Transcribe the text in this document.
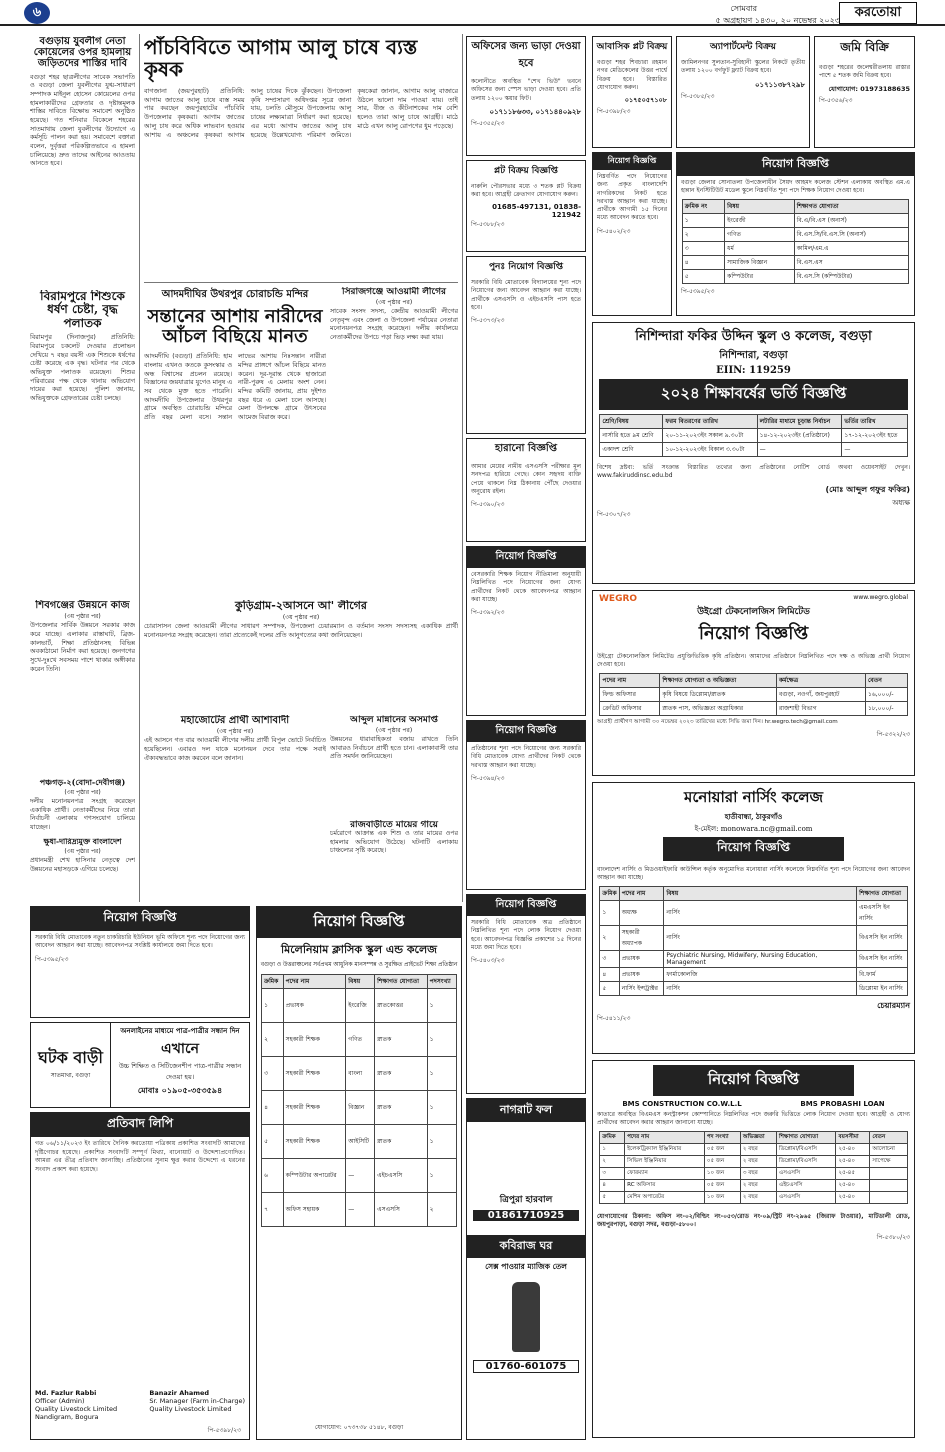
৬	সোমবার
৫ অগ্রহায়ণ ১৪৩০, ২০ নভেম্বর ২০২৩
করতোয়া
বগুড়ায় যুবলীগ নেতা কোয়েলের ওপর হামলায় জড়িতদের শাস্তির দাবি
বগুড়া শহর ছাত্রলীগের সাবেক সভাপতি ও বগুড়া জেলা যুবলীগের যুগ্ম-সাধারণ সম্পাদক মাইনুল হোসেন কোয়েলের ওপর হামলাকারীদের গ্রেফতার ও দৃষ্টান্তমূলক শাস্তির দাবিতে বিক্ষোভ সমাবেশ অনুষ্ঠিত হয়েছে। গত শনিবার বিকেলে শহরের সাতমাথায় জেলা যুবলীগের উদ্যোগে এ কর্মসূচি পালন করা হয়। সমাবেশে বক্তারা বলেন, দুর্বৃত্তরা পরিকল্পিতভাবে এ হামলা চালিয়েছে। দ্রুত তাদের আইনের আওতায় আনতে হবে।
বিরামপুরে শিশুকে ধর্ষণ চেষ্টা, বৃদ্ধ পলাতক
বিরামপুর (দিনাজপুর) প্রতিনিধি: বিরামপুরে চকলেট দেওয়ার প্রলোভন দেখিয়ে ৭ বছর বয়সী এক শিশুকে ধর্ষণের চেষ্টা করেছে এক বৃদ্ধ। ঘটনার পর থেকে অভিযুক্ত পলাতক রয়েছেন। শিশুর পরিবারের পক্ষ থেকে থানায় অভিযোগ দায়ের করা হয়েছে। পুলিশ জানায়, অভিযুক্তকে গ্রেফতারের চেষ্টা চলছে।
শিবগঞ্জের উন্নয়নে কাজ
(৩য় পৃষ্ঠার পর)
উপজেলার সার্বিক উন্নয়নে সরকার কাজ করে যাচ্ছে। এলাকার রাস্তাঘাট, ব্রিজ-কালভার্ট, শিক্ষা প্রতিষ্ঠানসহ বিভিন্ন অবকাঠামো নির্মাণ করা হয়েছে। জনগণের সুখে-দুঃখে সবসময় পাশে থাকার অঙ্গীকার করেন তিনি।
পঞ্চগড়-২(বোদা-দেবীগঞ্জ)
(৩য় পৃষ্ঠার পর)
দলীয় মনোনয়নপত্র সংগ্রহ করেছেন একাধিক প্রার্থী। নেতাকর্মীদের নিয়ে তারা নির্বাচনী এলাকায় গণসংযোগ চালিয়ে যাচ্ছেন।
ক্ষুধা-দারিদ্র্যমুক্ত বাংলাদেশ
(৩য় পৃষ্ঠার পর)
প্রধানমন্ত্রী শেখ হাসিনার নেতৃত্বে দেশ উন্নয়নের মহাসড়কে এগিয়ে চলেছে।
পাঁচবিবিতে আগাম আলু চাষে ব্যস্ত কৃষক
বাগজানা (জয়পুরহাট) প্রতিনিধি: আগাম জাতের আলু চাষে ব্যস্ত সময় পার করছেন জয়পুরহাটের পাঁচবিবি উপজেলার কৃষকরা। আগাম জাতের আলু চাষ করে অধিক লাভবান হওয়ার আশায় এ অঞ্চলের কৃষকরা আগাম আলু চাষের দিকে ঝুঁকছেন। উপজেলা কৃষি সম্প্রসারণ অধিদপ্তর সূত্রে জানা যায়, চলতি মৌসুমে উপজেলায় আলু চাষের লক্ষ্যমাত্রা নির্ধারণ করা হয়েছে। এর মধ্যে আগাম জাতের আলু চাষ হয়েছে উল্লেখযোগ্য পরিমাণ জমিতে। কৃষকেরা জানান, আগাম আলু বাজারে উঠলে ভালো দাম পাওয়া যায়। তাই সার, বীজ ও কীটনাশকের দাম বেশি হলেও তারা আলু চাষে আগ্রহী। মাঠে মাঠে এখন আলু রোপণের ধুম পড়েছে।
আদমদীঘির উথরপুর চোরাচন্ডি মন্দির
সন্তানের আশায় নারীদের আঁচল বিছিয়ে মানত
আদমদীঘি (বগুড়া) প্রতিনিধি: হাম বাংলায় এখনও কতকে কুসংস্কার ও অন্ধ বিশ্বাসের প্রচলন রয়েছে। বিজ্ঞানের জয়যাত্রার যুগেও মানুষ এ সব থেকে মুক্ত হতে পারেনি। আদমদীঘি উপজেলার উথরপুর গ্রামে অবস্থিত চোরাচন্ডি মন্দিরে প্রতি বছর মেলা বসে। সন্তান লাভের আশায় নিঃসন্তান নারীরা মন্দির প্রাঙ্গণে আঁচল বিছিয়ে মানত করেন। দূর-দূরান্ত থেকে হাজারো নারী-পুরুষ এ মেলায় অংশ নেন। মন্দির কমিটি জানায়, প্রায় দুইশত বছর ধরে এ মেলা চলে আসছে। মেলা উপলক্ষে গ্রামে উৎসবের আমেজ বিরাজ করে।
সিরাজগঞ্জে আওয়ামী লীগের
(৩য় পৃষ্ঠার পর)
সাবেক সংসদ সদস্য, কেন্দ্রীয় আওয়ামী লীগের নেতৃবৃন্দ এবং জেলা ও উপজেলা পর্যায়ের নেতারা মনোনয়নপত্র সংগ্রহ করেছেন। দলীয় কার্যালয়ে নেতাকর্মীদের উপচে পড়া ভিড় লক্ষ্য করা যায়।
কুড়িগ্রাম-২আসনে আ' লীগের
(৩য় পৃষ্ঠার পর)
চোরাসাসন জেলা আওয়ামী লীগের সাধারণ সম্পাদক, উপজেলা চেয়ারম্যান ও বর্তমান সংসদ সদস্যসহ একাধিক প্রার্থী মনোনয়নপত্র সংগ্রহ করেছেন। তারা প্রত্যেকেই দলের প্রতি আনুগত্যের কথা জানিয়েছেন।
আব্দুল মান্নানের অসমাপ্ত
(৩য় পৃষ্ঠার পর)
উন্নয়নের ধারাবাহিকতা বজায় রাখতে তিনি আবারও নির্বাচনে প্রার্থী হতে চান। এলাকাবাসী তার প্রতি সমর্থন জানিয়েছেন।
মহাজোটের প্রার্থী আশাবাদী
(৩য় পৃষ্ঠার পর)
এই আসনে গত বার আওয়ামী লীগের দলীয় প্রার্থী বিপুল ভোটে নির্বাচিত হয়েছিলেন। এবারও দল যাকে মনোনয়ন দেবে তার পক্ষে সবাই ঐক্যবদ্ধভাবে কাজ করবেন বলে জানান।
রাজবাড়ীতে মায়ের গায়ে
চর্মরোগে আক্রান্ত এক শিশু ও তার মায়ের ওপর হামলার অভিযোগ উঠেছে। ঘটনাটি এলাকায় চাঞ্চল্যের সৃষ্টি করেছে।
অফিসের জন্য ভাড়া দেওয়া হবে
কলোনীতে অবস্থিত "শেখ ভিউ" ভবনে অফিসের জন্য স্পেস ভাড়া দেওয়া হবে। প্রতি তলায় ১২০০ স্কয়ার ফিট।
০১৭১১৮৬৩৩, ০১৭১৪৪০৯২৮
পি-৫৩৫৫/২৩
প্লট বিক্রয় বিজ্ঞপ্তি
নারুলি পৌরসভার মধ্যে ৩ শতক প্লট বিক্রয় করা হবে। আগ্রহী ক্রেতাগণ যোগাযোগ করুন।
01685-497131, 01838-121942
পি-৫৩৮৮/২৩
পুনঃ নিয়োগ বিজ্ঞপ্তি
সরকারি বিধি মোতাবেক বিদ্যালয়ের শূন্য পদে নিয়োগের জন্য আবেদন আহ্বান করা যাচ্ছে। প্রার্থীকে এসএসসি ও এইচএসসি পাস হতে হবে।
পি-৫৩৭৩/২৩
হারানো বিজ্ঞপ্তি
আমার মেয়ের নামীয় এসএসসি পরীক্ষার মূল সনদপত্র হারিয়ে গেছে। কোন সহৃদয় ব্যক্তি পেয়ে থাকলে নিম্ন ঠিকানায় পৌঁছে দেওয়ার অনুরোধ রইল।
পি-৫৩৯০/২৩
নিয়োগ বিজ্ঞপ্তি
বেসরকারি শিক্ষক নিয়োগ নীতিমালা অনুযায়ী নিম্নলিখিত পদে নিয়োগের জন্য যোগ্য প্রার্থীদের নিকট থেকে আবেদনপত্র আহ্বান করা যাচ্ছে।
পি-৫৩৯২/২৩
নিয়োগ বিজ্ঞপ্তি
প্রতিষ্ঠানের শূন্য পদে নিয়োগের জন্য সরকারি বিধি মোতাবেক যোগ্য প্রার্থীদের নিকট থেকে দরখাস্ত আহ্বান করা যাচ্ছে।
পি-৫৩৯৪/২৩
নিয়োগ বিজ্ঞপ্তি
সরকারি বিধি মোতাবেক অত্র প্রতিষ্ঠানে নিম্নলিখিত শূন্য পদে লোক নিয়োগ দেওয়া হবে। আবেদনপত্র বিজ্ঞপ্তি প্রকাশের ১৫ দিনের মধ্যে জমা দিতে হবে।
পি-৫৪০৩/২৩
আবাসিক প্লট বিক্রয়
বগুড়া শহর শিবচারা রহমান নগর মেডিকেলের উত্তর পার্শ্বে বিক্রয় হবে। বিস্তারিত যোগাযোগ করুন।
০১৭৫০৫৭১০৮
পি-৫৩৯৮/২৩
অ্যাপার্টমেন্ট বিক্রয়
জামিলনগর সুলতান-সুবিহানী স্কুলের নিকটে তৃতীয় তলায় ১২০০ বর্গফুট ফ্ল্যাট বিক্রয় হবে।
০১৭১১৩৮৭২৯৮
পি-৫৩৮৫/২৩
জমি বিক্রি
বগুড়া শহরের জলেশ্বরীতলায় রাস্তার পাশে ৫ শতক জমি বিক্রয় হবে।
যোগাযোগ: 01973188635
পি-৫৩৫৬/২৩
নিয়োগ বিজ্ঞপ্তি
নিম্নবর্ণিত পদে নিয়োগের জন্য প্রকৃত বাংলাদেশি নাগরিকদের নিকট হতে দরখাস্ত আহ্বান করা যাচ্ছে। প্রার্থীকে আগামী ১৫ দিনের মধ্যে আবেদন করতে হবে।
পি-৫৪০২/২৩
নিয়োগ বিজ্ঞপ্তি
বগুড়া জেলার সোনাতলা উপজেলাধীন সৈয়দ আহমদ কলেজ স্টেশন এলাকায় অবস্থিত এম.এ হান্নান ইনস্টিটিউট মডেল স্কুলে নিম্নবর্ণিত শূন্য পদে শিক্ষক নিয়োগ দেওয়া হবে।
ক্রমিক নং	বিষয়	শিক্ষাগত যোগ্যতা
১	ইংরেজী	বি.এ/বি.এস (অনার্স)
২	গণিত	বি.এস.সি/বি.এস.সি (অনার্স)
৩	ধর্ম	কামিল/এম.এ
৪	সামাজিক বিজ্ঞান	বি.এস.এস
৫	কম্পিউটার	বি.এস.সি (কম্পিউটার)
পি-৫৩৯৫/২৩
নিশিন্দারা ফকির উদ্দিন স্কুল ও কলেজ, বগুড়া
নিশিন্দারা, বগুড়া
EIIN: 119259
২০২৪ শিক্ষাবর্ষের ভর্তি বিজ্ঞপ্তি
শ্রেণি/বিষয়	ফরম বিতরণের তারিখ	লটারির মাধ্যমে চূড়ান্ত নির্বাচন	ভর্তির তারিখ
নার্সারি হতে ৯ম শ্রেণি	২০-১১-২০২৩ইং সকাল ৯.৩০টা	১৪-১২-২০২৩ইং (প্রতিষ্ঠানে)	১৭-১২-২০২৩ইং হতে
একাদশ শ্রেণি	১০-১২-২০২৩ইং বিকাল ৩.৩০টা	—	—
বিশেষ দ্রষ্টব্য: ভর্তি সংক্রান্ত বিস্তারিত তথ্যের জন্য প্রতিষ্ঠানের নোটিশ বোর্ড অথবা ওয়েবসাইট দেখুন। www.fakiruddinsc.edu.bd
(মোঃ আব্দুল গফুর ফকির)
অধ্যক্ষ
পি-৫৩০৭/২৩
WEGRO	www.wegro.global
উইগ্রো টেকনোলজিস লিমিটেড
নিয়োগ বিজ্ঞপ্তি
উইগ্রো টেকনোলজিস লিমিটেড প্রযুক্তিভিত্তিক কৃষি প্রতিষ্ঠান। আমাদের প্রতিষ্ঠানে নিম্নলিখিত পদে দক্ষ ও অভিজ্ঞ প্রার্থী নিয়োগ দেওয়া হবে।
পদের নাম	শিক্ষাগত যোগ্যতা ও অভিজ্ঞতা	কর্মক্ষেত্র	বেতন
ফিল্ড অফিসার	কৃষি বিষয়ে ডিপ্লোমা/স্নাতক	বগুড়া, নওগাঁ, জয়পুরহাট	১৬,০০০/-
ক্রেডিট অফিসার	স্নাতক পাস, অভিজ্ঞতা অগ্রাধিকার	রাজশাহী বিভাগ	১৮,০০০/-
আগ্রহী প্রার্থীগণ আগামী ৩০ নভেম্বর ২০২৩ তারিখের মধ্যে সিভি জমা দিন। hr.wegro.tech@gmail.com
পি-৫৩২২/২৩
মনোয়ারা নার্সিং কলেজ
হাতীবান্ধা, ঠাকুরগাঁও
ই-মেইল: monowara.nc@gmail.com
নিয়োগ বিজ্ঞপ্তি
বাংলাদেশ নার্সিং ও মিডওয়াইফারি কাউন্সিল কর্তৃক অনুমোদিত মনোয়ারা নার্সিং কলেজে নিম্নবর্ণিত শূন্য পদে নিয়োগের জন্য আবেদন আহ্বান করা যাচ্ছে।
ক্রমিক	পদের নাম	বিষয়	শিক্ষাগত যোগ্যতা
১	অধ্যক্ষ	নার্সিং	এমএসসি ইন নার্সিং
২	সহকারী অধ্যাপক	নার্সিং	বিএসসি ইন নার্সিং
৩	প্রভাষক	Psychiatric Nursing, Midwifery, Nursing Education, Management	বিএসসি ইন নার্সিং
৪	প্রভাষক	ফার্মাকোলজি	বি.ফার্ম
৫	নার্সিং ইন্সট্রাক্টর	নার্সিং	ডিপ্লোমা ইন নার্সিং
চেয়ারম্যান
পি-৫৪১১/২৩
নিয়োগ বিজ্ঞপ্তি
BMS CONSTRUCTION CO.W.L.L	BMS PROBASHI LOAN
কাতারে অবস্থিত বিএমএস কনস্ট্রাকশন কোম্পানিতে নিম্নলিখিত পদে জরুরি ভিত্তিতে লোক নিয়োগ দেওয়া হবে। আগ্রহী ও যোগ্য প্রার্থীদের আবেদন করার আহ্বান জানানো যাচ্ছে।
ক্রমিক	পদের নাম	পদ সংখ্যা	অভিজ্ঞতা	শিক্ষাগত যোগ্যতা	বয়সসীমা	বেতন
১	ইলেকট্রিক্যাল ইঞ্জিনিয়ার	০৫ জন	২ বছর	ডিপ্লোমা/বিএসসি	২৫-৪০	আলোচনা
২	সিভিল ইঞ্জিনিয়ার	০৫ জন	২ বছর	ডিপ্লোমা/বিএসসি	২৫-৪০	সাপেক্ষে
৩	ফোরম্যান	১০ জন	৩ বছর	এসএসসি	২৫-৪৫	
৪	RC অফিসার	০৫ জন	২ বছর	এইচএসসি	২৫-৪০	
৫	মেশিন অপারেটর	১০ জন	২ বছর	এসএসসি	২৫-৪০	
যোগাযোগের ঠিকানা: অফিস নং-০২/বিল্ডিং নং-০৫৩/রোড নং-০৯/স্ট্রিট নং-২৯৬৫ (জিরাফ টাওয়ার), মাটিডালী রোড, জয়পুরপাড়া, বগুড়া সদর, বগুড়া-৫৮০০।
পি-৫৩৮০/২৩
নিয়োগ বিজ্ঞপ্তি
সরকারি বিধি মোতাবেক নতুন চাকরিচারি ইউনিয়ন ভূমি অফিসে শূন্য পদে নিয়োগের জন্য আবেদন আহ্বান করা যাচ্ছে। আবেদনপত্র সংশ্লিষ্ট কার্যালয়ে জমা দিতে হবে।
পি-৫৩৯৫/২৩
ঘটক বাড়ী
সাতমাথা, বগুড়া
অনলাইনের মাধ্যমে পাত্র-পাত্রীর সন্ধান দিন
এখানে
উচ্চ শিক্ষিত ও সিটিজেনশীপ পাত্র-পাত্রীর সন্ধান দেওয়া হয়।
মোবাঃ ০১৯০৫-৩৫৩৫৯৪
প্রতিবাদ লিপি
গত ০৬/১১/২০২৩ ইং তারিখে দৈনিক করতোয়া পত্রিকায় প্রকাশিত সংবাদটি আমাদের দৃষ্টিগোচর হয়েছে। প্রকাশিত সংবাদটি সম্পূর্ণ মিথ্যা, বানোয়াট ও উদ্দেশ্যপ্রণোদিত। আমরা এর তীব্র প্রতিবাদ জানাচ্ছি। প্রতিষ্ঠানের সুনাম ক্ষুণ্ণ করার উদ্দেশ্যে এ ধরনের সংবাদ প্রকাশ করা হয়েছে।
Md. Fazlur Rabbi
Officer (Admin)
Quality Livestock Limited
Nandigram, Bogura
Banazir Ahamed
Sr. Manager (Farm in-Charge)
Quality Livestock Limited
পি-৫৩৯৮/২৩
নিয়োগ বিজ্ঞপ্তি
মিলেনিয়াম ক্লাসিক স্কুল এন্ড কলেজ
বগুড়া ও উত্তরাঞ্চলের সর্বপ্রথম আধুনিক মানসম্পন্ন ও সুরক্ষিত প্রাইভেট শিক্ষা প্রতিষ্ঠান
ক্রমিক	পদের নাম	বিষয়	শিক্ষাগত যোগ্যতা	পদসংখ্যা
১	প্রভাষক	ইংরেজি	স্নাতকোত্তর	১
২	সহকারী শিক্ষক	গণিত	স্নাতক	১
৩	সহকারী শিক্ষক	বাংলা	স্নাতক	১
৪	সহকারী শিক্ষক	বিজ্ঞান	স্নাতক	১
৫	সহকারী শিক্ষক	আইসিটি	স্নাতক	১
৬	কম্পিউটার অপারেটর	—	এইচএসসি	১
৭	অফিস সহায়ক	—	এসএসসি	২
যোগাযোগ: ০৭৩৭৩৮ ৫১৪৮, বগুড়া
নাগরাট ফল
ত্রিপুরা হারবাল
01861710925
কবিরাজ ঘর
সেক্স পাওয়ার ম্যাজিক তেল
01760-601075
